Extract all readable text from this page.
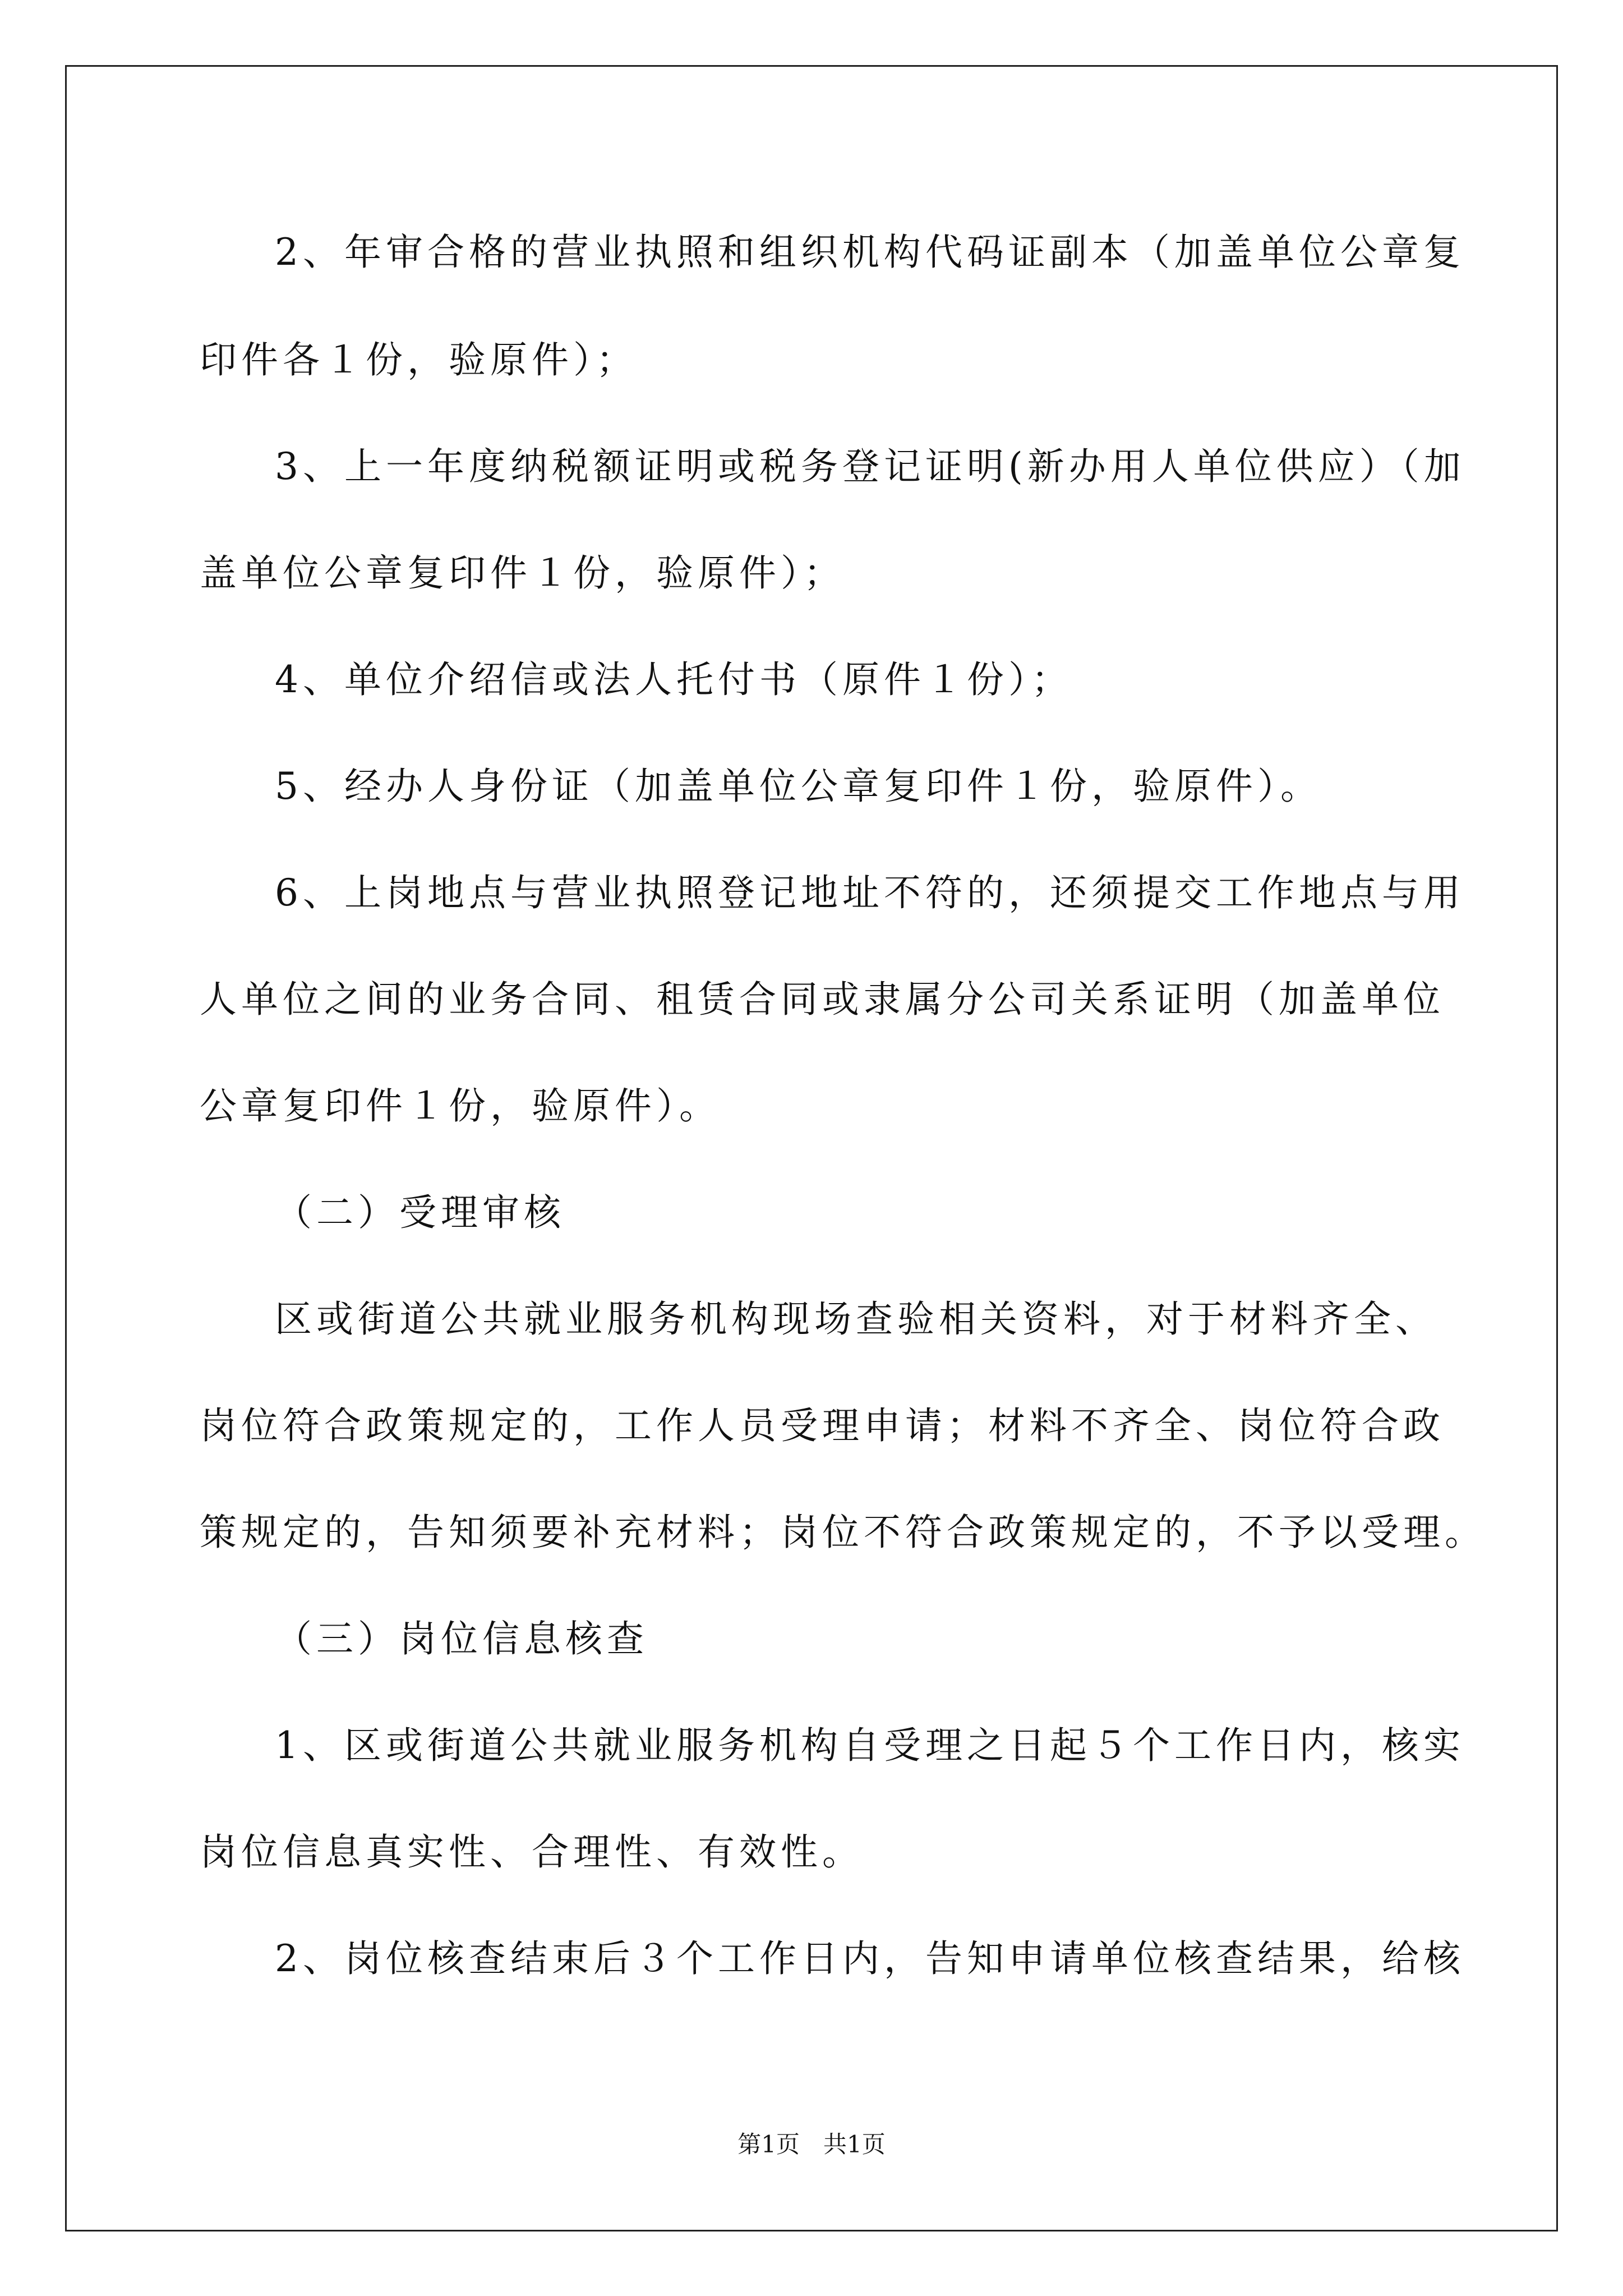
2、年审合格的营业执照和组织机构代码证副本（加盖单位公章复
印件各１份，验原件）；
3、上一年度纳税额证明或税务登记证明(新办用人单位供应）（加
盖单位公章复印件１份，验原件）；
4、单位介绍信或法人托付书（原件１份）；
5、经办人身份证（加盖单位公章复印件１份，验原件）。
6、上岗地点与营业执照登记地址不符的，还须提交工作地点与用
人单位之间的业务合同、租赁合同或隶属分公司关系证明（加盖单位
公章复印件１份，验原件）。
（二）受理审核
区或街道公共就业服务机构现场查验相关资料，对于材料齐全、
岗位符合政策规定的，工作人员受理申请；材料不齐全、岗位符合政
策规定的，告知须要补充材料；岗位不符合政策规定的，不予以受理。
（三）岗位信息核查
1、区或街道公共就业服务机构自受理之日起５个工作日内，核实
岗位信息真实性、合理性、有效性。
2、岗位核查结束后３个工作日内，告知申请单位核查结果，给核
第1页　共1页
